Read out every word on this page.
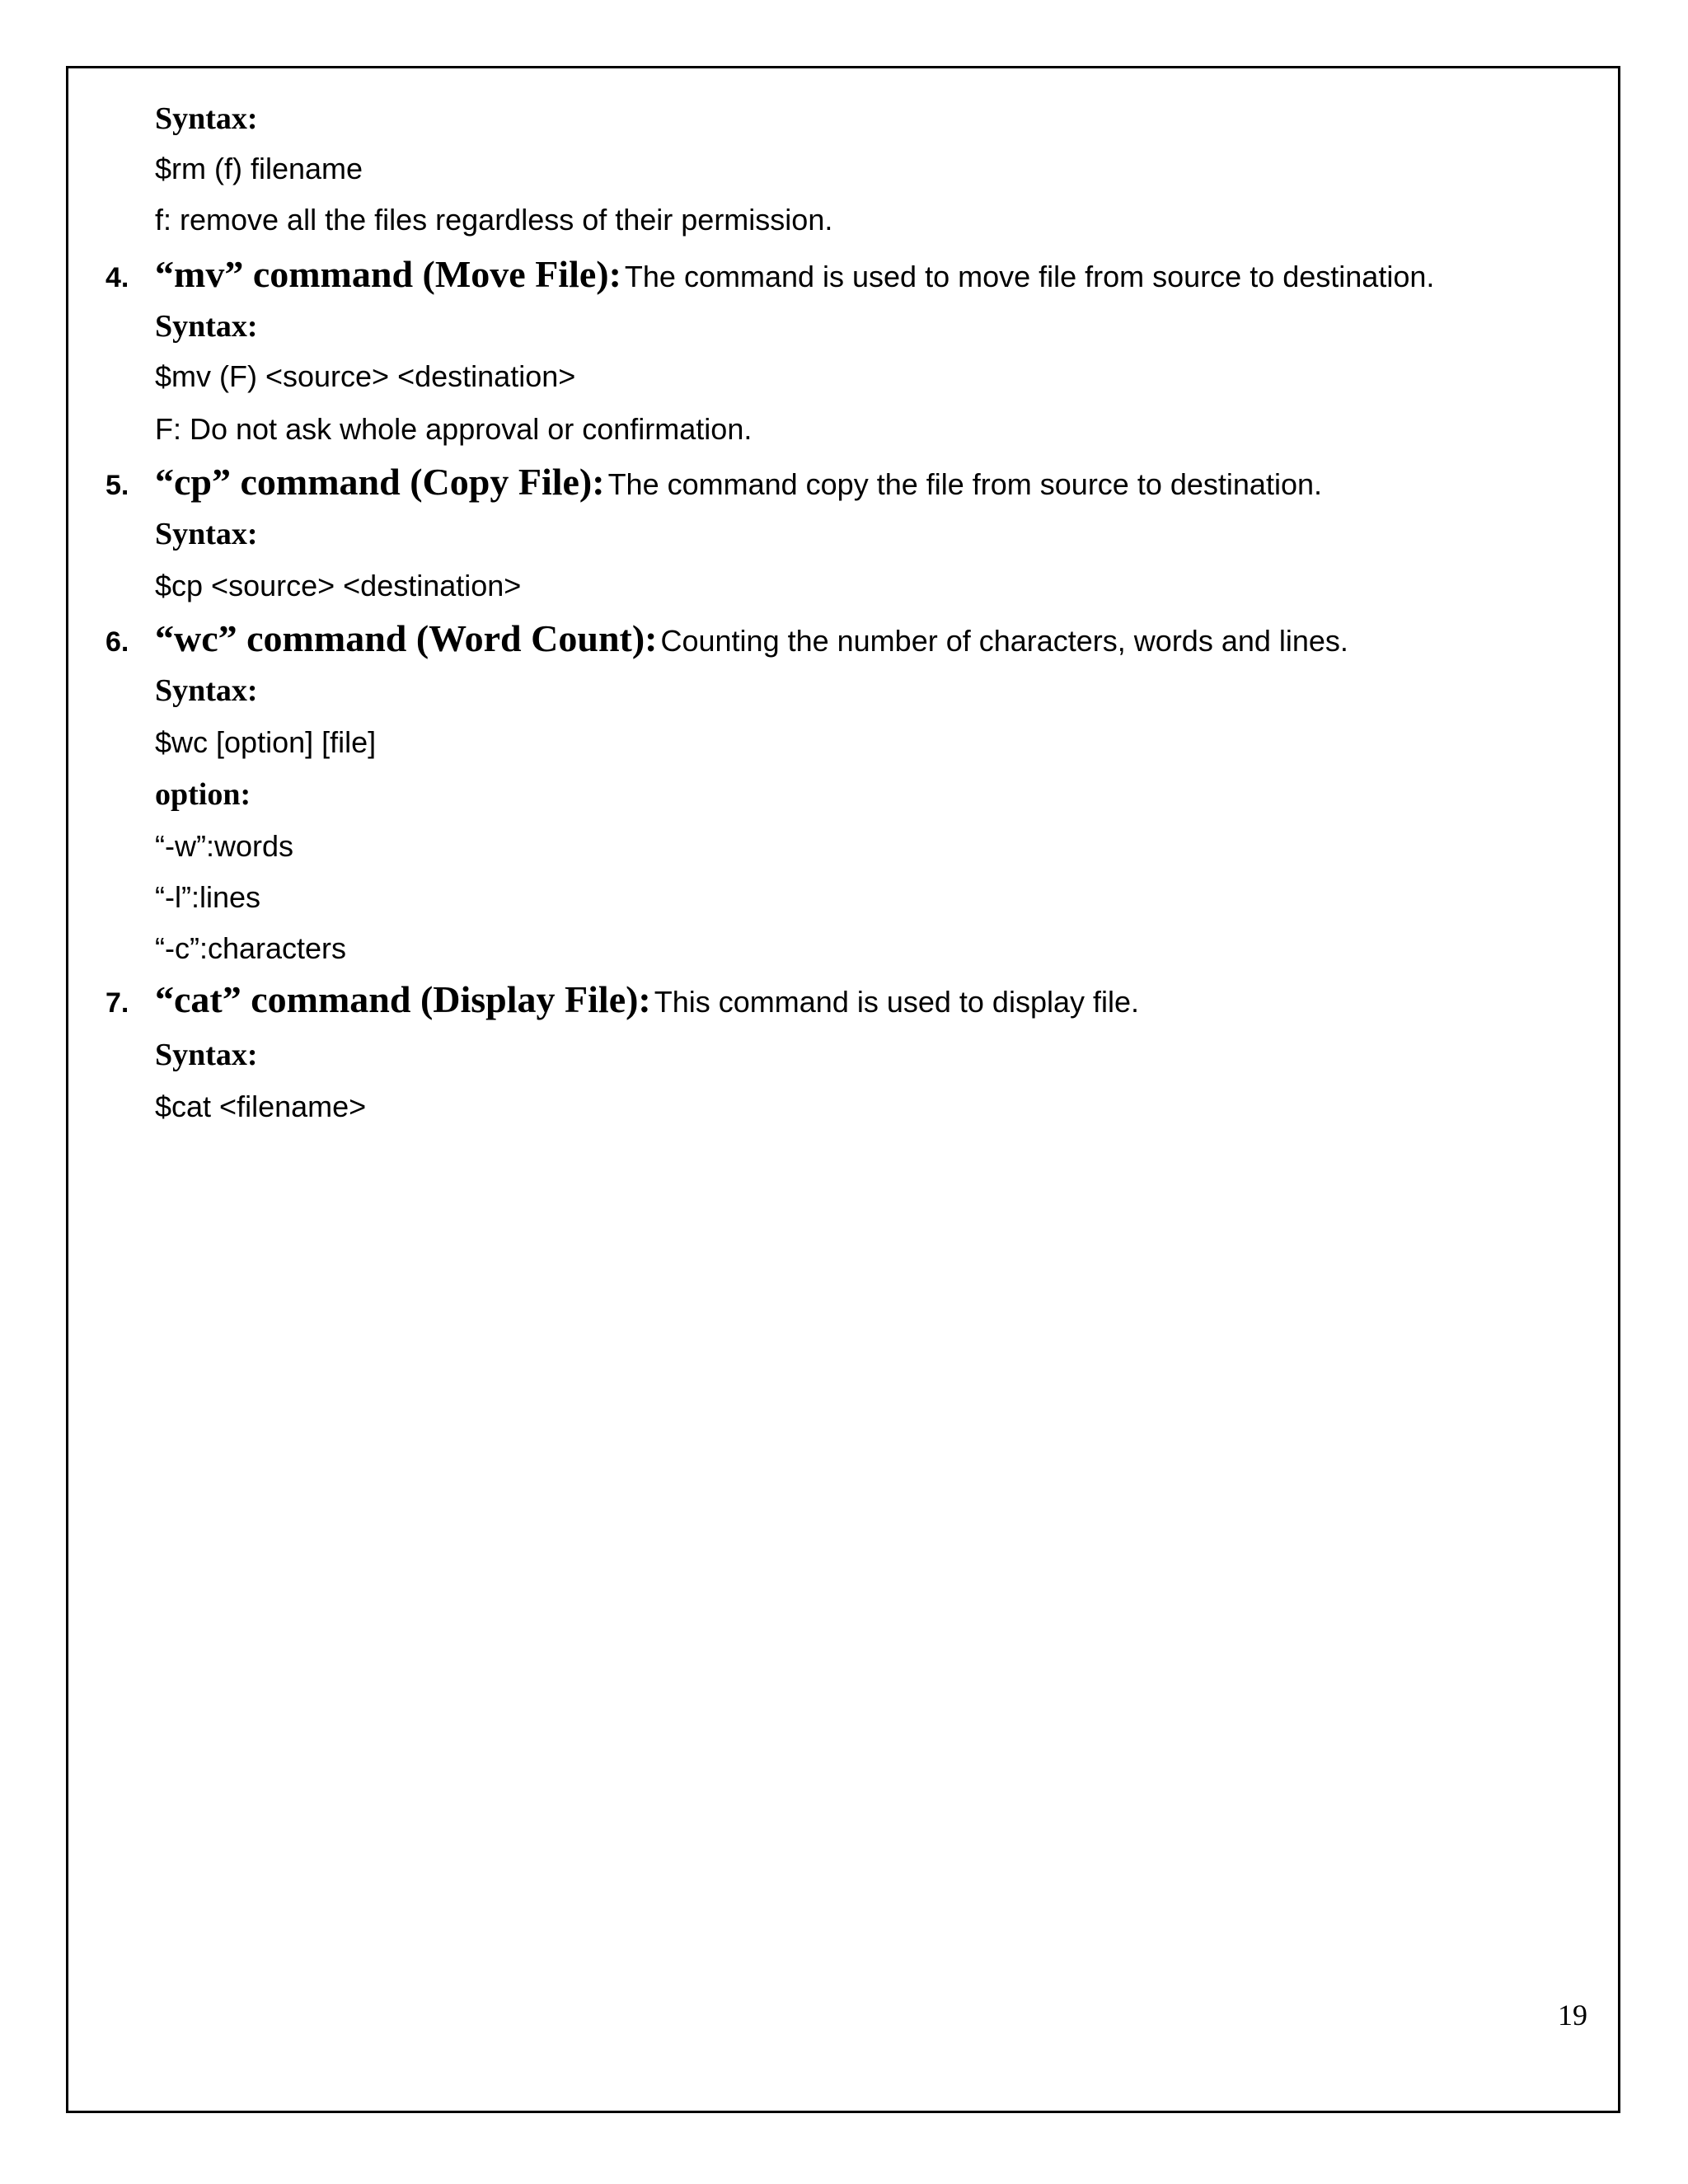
Syntax:
$rm (f) filename
f: remove all the files regardless of their permission.
4. “mv” command (Move File): The command is used to move file from source to destination.
Syntax:
$mv (F) <source> <destination>
F: Do not ask whole approval or confirmation.
5. “cp” command (Copy File): The command copy the file from source to destination.
Syntax:
$cp <source> <destination>
6. “wc” command (Word Count): Counting the number of characters, words and lines.
Syntax:
$wc [option] [file]
option:
“-w”:words
“-l”:lines
“-c”:characters
7. “cat” command (Display File): This command is used to display file.
Syntax:
$cat <filename>
19
